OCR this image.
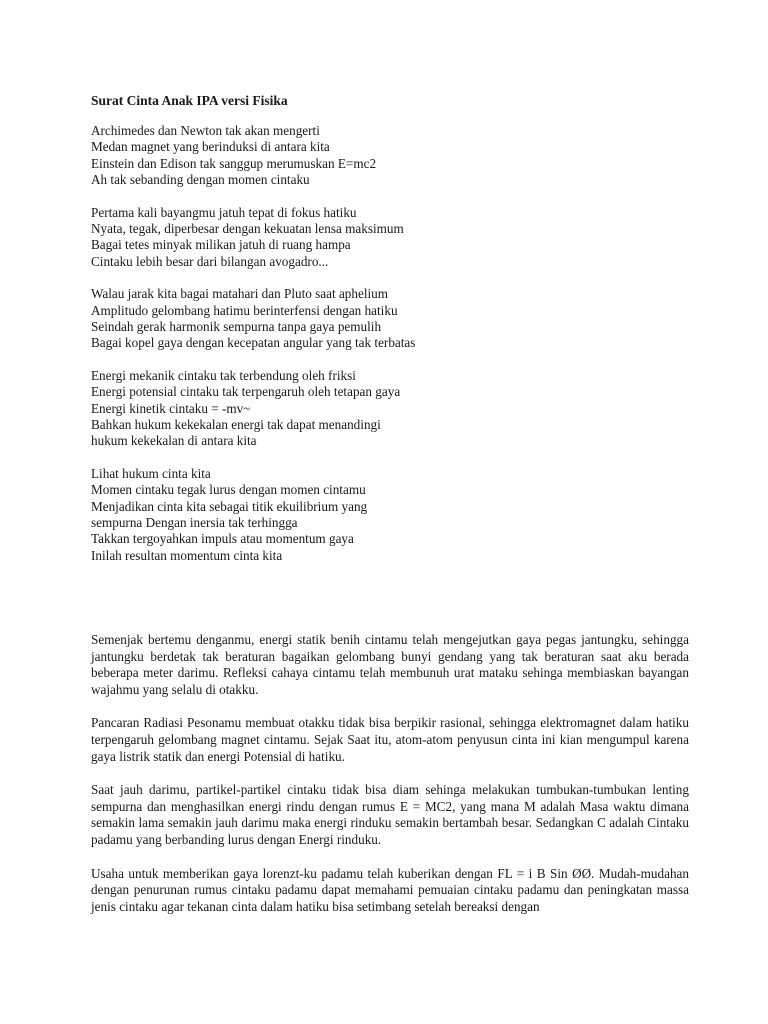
Surat Cinta Anak IPA versi Fisika
Archimedes dan Newton tak akan mengerti
Medan magnet yang berinduksi di antara kita
Einstein dan Edison tak sanggup merumuskan E=mc2
Ah tak sebanding dengan momen cintaku
Pertama kali bayangmu jatuh tepat di fokus hatiku
Nyata, tegak, diperbesar dengan kekuatan lensa maksimum
Bagai tetes minyak milikan jatuh di ruang hampa
Cintaku lebih besar dari bilangan avogadro...
Walau jarak kita bagai matahari dan Pluto saat aphelium
Amplitudo gelombang hatimu berinterfensi dengan hatiku
Seindah gerak harmonik sempurna tanpa gaya pemulih
Bagai kopel gaya dengan kecepatan angular yang tak terbatas
Energi mekanik cintaku tak terbendung oleh friksi
Energi potensial cintaku tak terpengaruh oleh tetapan gaya
Energi kinetik cintaku = -mv~
Bahkan hukum kekekalan energi tak dapat menandingi
hukum kekekalan di antara kita
Lihat hukum cinta kita
Momen cintaku tegak lurus dengan momen cintamu
Menjadikan cinta kita sebagai titik ekuilibrium yang
sempurna Dengan inersia tak terhingga
Takkan tergoyahkan impuls atau momentum gaya
Inilah resultan momentum cinta kita

Semenjak bertemu denganmu, energi statik benih cintamu telah mengejutkan gaya pegas jantungku, sehingga jantungku berdetak tak beraturan bagaikan gelombang bunyi gendang yang tak beraturan saat aku berada beberapa meter darimu. Refleksi cahaya cintamu telah membunuh urat mataku sehinga membiaskan bayangan wajahmu yang selalu di otakku.

Pancaran Radiasi Pesonamu membuat otakku tidak bisa berpikir rasional, sehingga elektromagnet dalam hatiku terpengaruh gelombang magnet cintamu. Sejak Saat itu, atom-atom penyusun cinta ini kian mengumpul karena gaya listrik statik dan energi Potensial di hatiku.

Saat jauh darimu, partikel-partikel cintaku tidak bisa diam sehinga melakukan tumbukan-tumbukan lenting sempurna dan menghasilkan energi rindu dengan rumus E = MC2, yang mana M adalah Masa waktu dimana semakin lama semakin jauh darimu maka energi rinduku semakin bertambah besar. Sedangkan C adalah Cintaku padamu yang berbanding lurus dengan Energi rinduku.

Usaha untuk memberikan gaya lorenzt-ku padamu telah kuberikan dengan FL = i B Sin ØØ. Mudah-mudahan dengan penurunan rumus cintaku padamu dapat memahami pemuaian cintaku padamu dan peningkatan massa jenis cintaku agar tekanan cinta dalam hatiku bisa setimbang setelah bereaksi dengan
